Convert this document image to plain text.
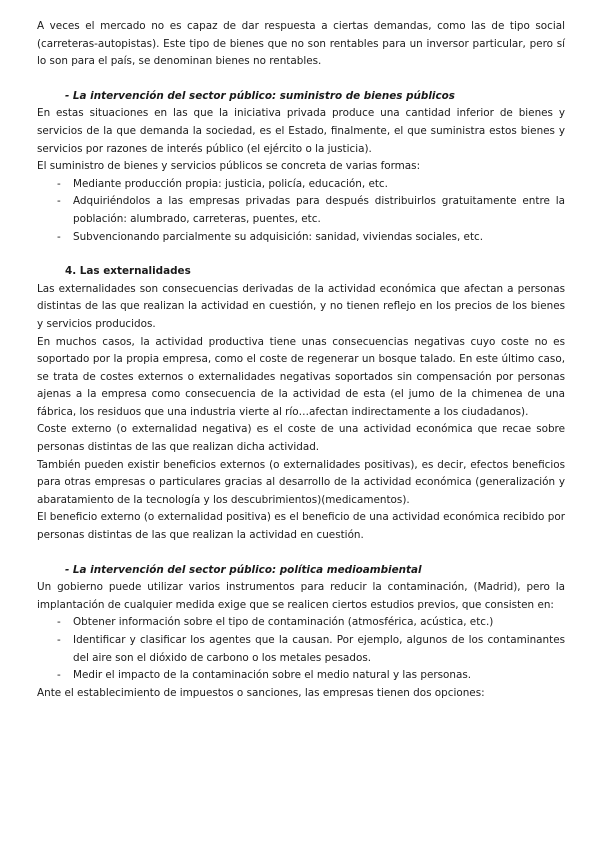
A veces el mercado no es capaz de dar respuesta a ciertas demandas, como las de tipo social (carreteras-autopistas). Este tipo de bienes que no son rentables para un inversor particular, pero sí lo son para el país, se denominan bienes no rentables.

- La intervención del sector público: suministro de bienes públicos

En estas situaciones en las que la iniciativa privada produce una cantidad inferior de bienes y servicios de la que demanda la sociedad, es el Estado, finalmente, el que suministra estos bienes y servicios por razones de interés público (el ejército o la justicia).

El suministro de bienes y servicios públicos se concreta de varias formas:

- Mediante producción propia: justicia, policía, educación, etc.
- Adquiriéndolos a las empresas privadas para después distribuirlos gratuitamente entre la población: alumbrado, carreteras, puentes, etc.
- Subvencionando parcialmente su adquisición: sanidad, viviendas sociales, etc.
4. Las externalidades

Las externalidades son consecuencias derivadas de la actividad económica que afectan a personas distintas de las que realizan la actividad en cuestión, y no tienen reflejo en los precios de los bienes y servicios producidos.

En muchos casos, la actividad productiva tiene unas consecuencias negativas cuyo coste no es soportado por la propia empresa, como el coste de regenerar un bosque talado. En este último caso, se trata de costes externos o externalidades negativas soportados sin compensación por personas ajenas a la empresa como consecuencia de la actividad de esta (el jumo de la chimenea de una fábrica, los residuos que una industria vierte al río…afectan indirectamente a los ciudadanos).

Coste externo (o externalidad negativa) es el coste de una actividad económica que recae sobre personas distintas de las que realizan dicha actividad.

También pueden existir beneficios externos (o externalidades positivas), es decir, efectos beneficios para otras empresas o particulares gracias al desarrollo de la actividad económica (generalización y abaratamiento de la tecnología y los descubrimientos)(medicamentos).

El beneficio externo (o externalidad positiva) es el beneficio de una actividad económica recibido por personas distintas de las que realizan la actividad en cuestión.

- La intervención del sector público: política medioambiental

Un gobierno puede utilizar varios instrumentos para reducir la contaminación, (Madrid), pero la implantación de cualquier medida exige que se realicen ciertos estudios previos, que consisten en:

- Obtener información sobre el tipo de contaminación (atmosférica, acústica, etc.)
- Identificar y clasificar los agentes que la causan. Por ejemplo, algunos de los contaminantes del aire son el dióxido de carbono o los metales pesados.
- Medir el impacto de la contaminación sobre el medio natural y las personas.

Ante el establecimiento de impuestos o sanciones, las empresas tienen dos opciones:
